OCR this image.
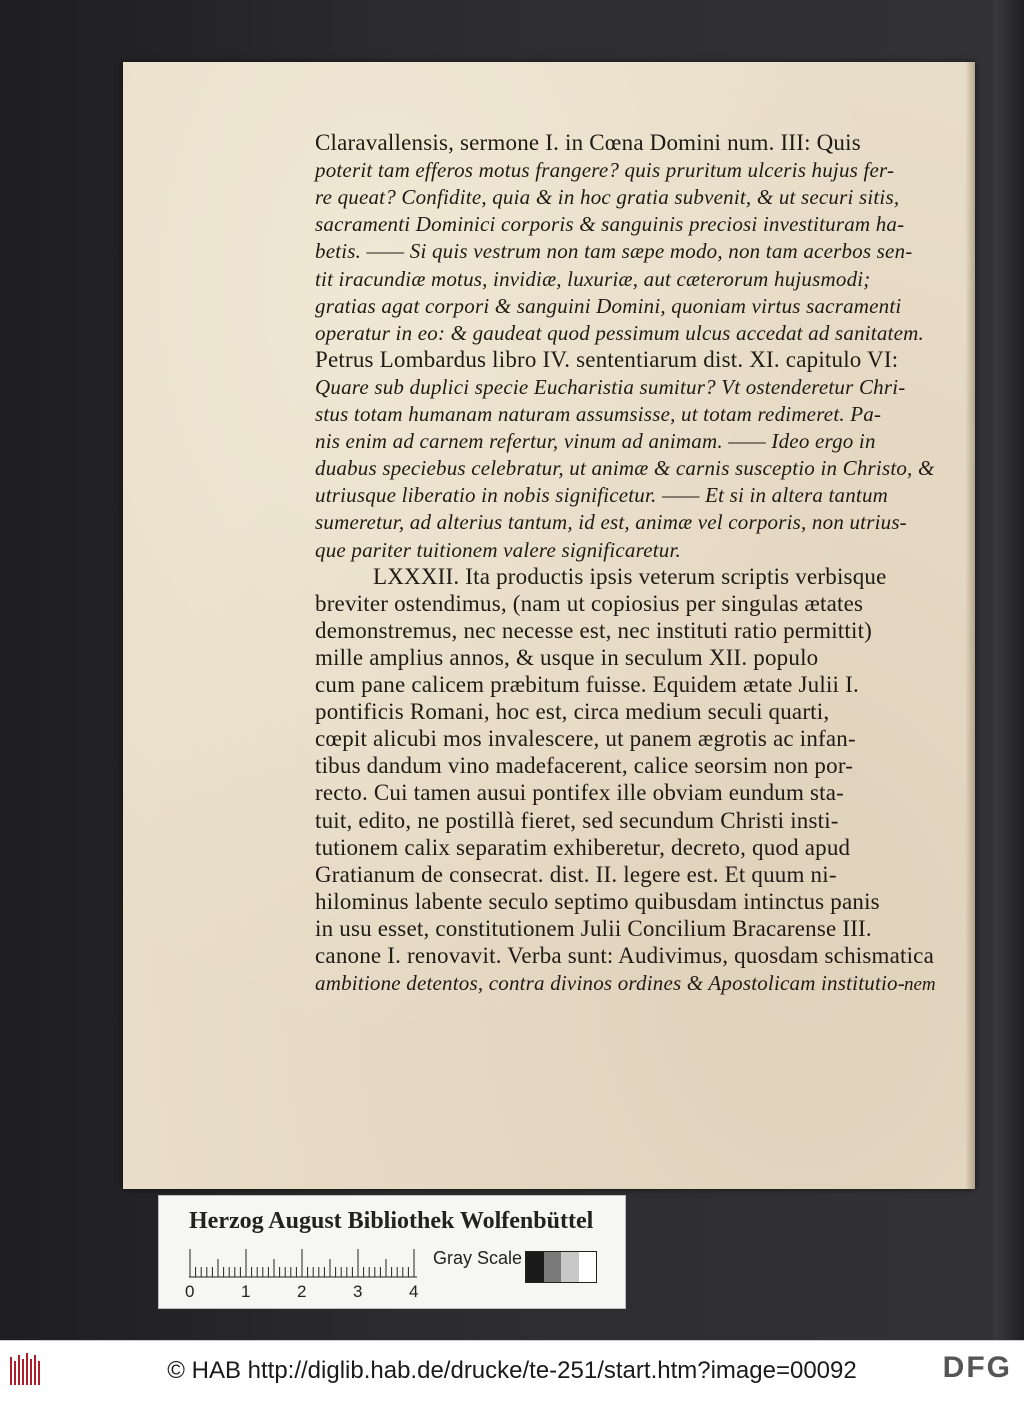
Claravallensis, sermone I. in Cœna Domini num. III: Quis
poterit tam efferos motus frangere? quis pruritum ulceris hujus fer-
re queat? Confidite, quia & in hoc gratia subvenit, & ut securi sitis,
sacramenti Dominici corporis & sanguinis preciosi investituram ha-
betis. —— Si quis vestrum non tam sæpe modo, non tam acerbos sen-
tit iracundiæ motus, invidiæ, luxuriæ, aut cæterorum hujusmodi;
gratias agat corpori & sanguini Domini, quoniam virtus sacramenti
operatur in eo: & gaudeat quod pessimum ulcus accedat ad sanitatem.
Petrus Lombardus libro IV. sententiarum dist. XI. capitulo VI:
Quare sub duplici specie Eucharistia sumitur? Vt ostenderetur Chri-
stus totam humanam naturam assumsisse, ut totam redimeret. Pa-
nis enim ad carnem refertur, vinum ad animam. —— Ideo ergo in
duabus speciebus celebratur, ut animæ & carnis susceptio in Christo, &
utriusque liberatio in nobis significetur. —— Et si in altera tantum
sumeretur, ad alterius tantum, id est, animæ vel corporis, non utrius-
que pariter tuitionem valere significaretur.
LXXXII. Ita productis ipsis veterum scriptis verbisque
breviter ostendimus, (nam ut copiosius per singulas ætates
demonstremus, nec necesse est, nec instituti ratio permittit)
mille amplius annos, & usque in seculum XII. populo
cum pane calicem præbitum fuisse. Equidem ætate Julii I.
pontificis Romani, hoc est, circa medium seculi quarti,
cœpit alicubi mos invalescere, ut panem ægrotis ac infan-
tibus dandum vino madefacerent, calice seorsim non por-
recto. Cui tamen ausui pontifex ille obviam eundum sta-
tuit, edito, ne postillà fieret, sed secundum Christi insti-
tutionem calix separatim exhiberetur, decreto, quod apud
Gratianum de consecrat. dist. II. legere est. Et quum ni-
hilominus labente seculo septimo quibusdam intinctus panis
in usu esset, constitutionem Julii Concilium Bracarense III.
canone I. renovavit. Verba sunt: Audivimus, quosdam schismatica
ambitione detentos, contra divinos ordines & Apostolicam institutio- nem
Herzog August Bibliothek Wolfenbüttel
0	1	2	3	4
Gray Scale
© HAB http://diglib.hab.de/drucke/te-251/start.htm?image=00092	DFG
